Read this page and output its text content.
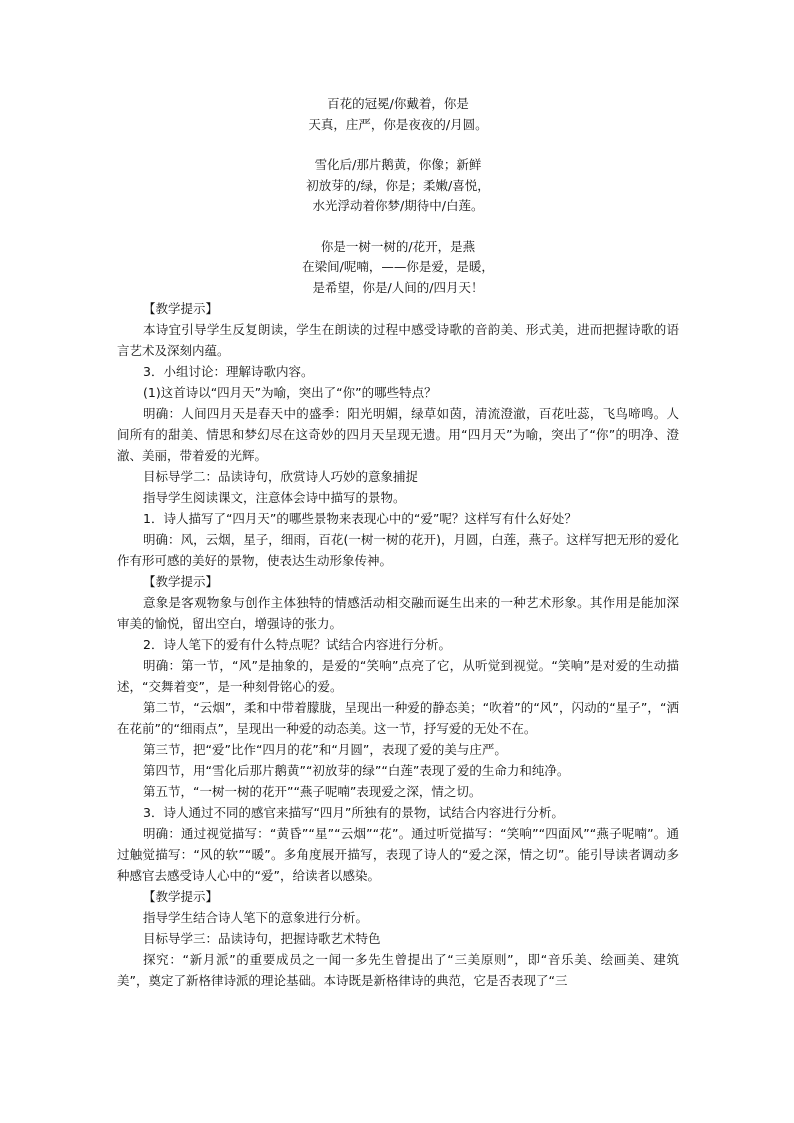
百花的冠冕/你戴着，你是
天真，庄严，你是夜夜的/月圆。
雪化后/那片鹅黄，你像；新鲜
初放芽的/绿，你是；柔嫩/喜悦，
水光浮动着你梦/期待中/白莲。
你是一树一树的/花开，是燕
在梁间/呢喃，——你是爱，是暖，
是希望，你是/人间的/四月天！
【教学提示】
本诗宜引导学生反复朗读，学生在朗读的过程中感受诗歌的音韵美、形式美，进而把握诗歌的语言艺术及深刻内蕴。
3．小组讨论：理解诗歌内容。
(1)这首诗以“四月天”为喻，突出了“你”的哪些特点？
明确：人间四月天是春天中的盛季：阳光明媚，绿草如茵，清流澄澈，百花吐蕊，飞鸟啼鸣。人间所有的甜美、情思和梦幻尽在这奇妙的四月天呈现无遗。用“四月天”为喻，突出了“你”的明净、澄澈、美丽，带着爱的光辉。
目标导学二：品读诗句，欣赏诗人巧妙的意象捕捉
指导学生阅读课文，注意体会诗中描写的景物。
1．诗人描写了“四月天”的哪些景物来表现心中的“爱”呢？这样写有什么好处？
明确：风，云烟，星子，细雨，百花(一树一树的花开)，月圆，白莲，燕子。这样写把无形的爱化作有形可感的美好的景物，使表达生动形象传神。
【教学提示】
意象是客观物象与创作主体独特的情感活动相交融而诞生出来的一种艺术形象。其作用是能加深审美的愉悦，留出空白，增强诗的张力。
2．诗人笔下的爱有什么特点呢？试结合内容进行分析。
明确：第一节，“风”是抽象的，是爱的“笑响”点亮了它，从听觉到视觉。“笑响”是对爱的生动描述，“交舞着变”，是一种刻骨铭心的爱。
第二节，“云烟”，柔和中带着朦胧，呈现出一种爱的静态美；“吹着”的“风”，闪动的“星子”，“洒在花前”的“细雨点”，呈现出一种爱的动态美。这一节，抒写爱的无处不在。
第三节，把“爱”比作“四月的花”和“月圆”，表现了爱的美与庄严。
第四节，用“雪化后那片鹅黄”“初放芽的绿”“白莲”表现了爱的生命力和纯净。
第五节，“一树一树的花开”“燕子呢喃”表现爱之深，情之切。
3．诗人通过不同的感官来描写“四月”所独有的景物，试结合内容进行分析。
明确：通过视觉描写：“黄昏”“星”“云烟”“花”。通过听觉描写：“笑响”“四面风”“燕子呢喃”。通过触觉描写：“风的软”“暖”。多角度展开描写，表现了诗人的“爱之深，情之切”。能引导读者调动多种感官去感受诗人心中的“爱”，给读者以感染。
【教学提示】
指导学生结合诗人笔下的意象进行分析。
目标导学三：品读诗句，把握诗歌艺术特色
探究：“新月派”的重要成员之一闻一多先生曾提出了“三美原则”，即“音乐美、绘画美、建筑美”，奠定了新格律诗派的理论基础。本诗既是新格律诗的典范，它是否表现了“三
